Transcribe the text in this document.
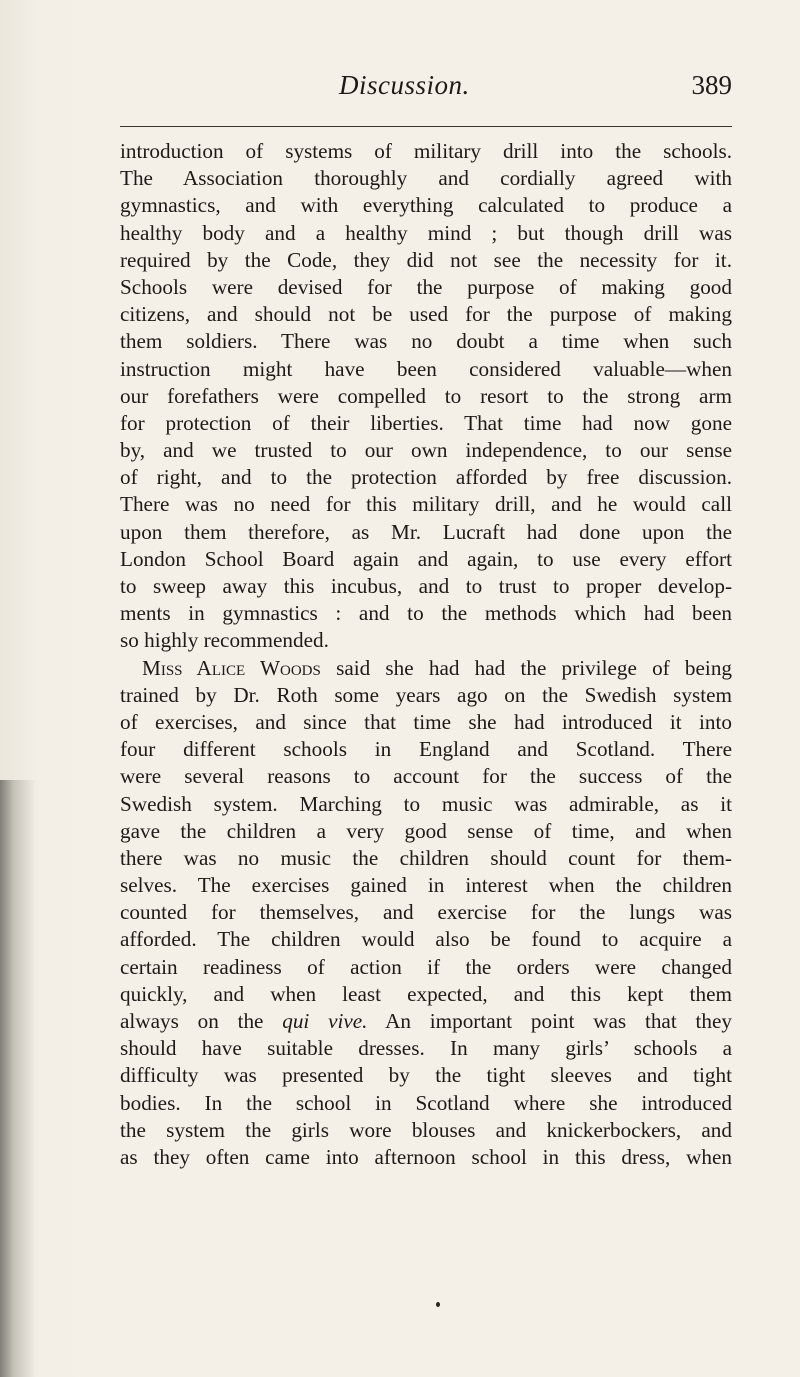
Discussion.	389
introduction of systems of military drill into the schools.
The Association thoroughly and cordially agreed with
gymnastics, and with everything calculated to produce a
healthy body and a healthy mind ; but though drill was
required by the Code, they did not see the necessity for it.
Schools were devised for the purpose of making good
citizens, and should not be used for the purpose of making
them soldiers. There was no doubt a time when such
instruction might have been considered valuable—when
our forefathers were compelled to resort to the strong arm
for protection of their liberties. That time had now gone
by, and we trusted to our own independence, to our sense
of right, and to the protection afforded by free discussion.
There was no need for this military drill, and he would call
upon them therefore, as Mr. Lucraft had done upon the
London School Board again and again, to use every effort
to sweep away this incubus, and to trust to proper develop-
ments in gymnastics : and to the methods which had been
so highly recommended.
Miss Alice Woods said she had had the privilege of being
trained by Dr. Roth some years ago on the Swedish system
of exercises, and since that time she had introduced it into
four different schools in England and Scotland. There
were several reasons to account for the success of the
Swedish system. Marching to music was admirable, as it
gave the children a very good sense of time, and when
there was no music the children should count for them-
selves. The exercises gained in interest when the children
counted for themselves, and exercise for the lungs was
afforded. The children would also be found to acquire a
certain readiness of action if the orders were changed
quickly, and when least expected, and this kept them
always on the qui vive. An important point was that they
should have suitable dresses. In many girls’ schools a
difficulty was presented by the tight sleeves and tight
bodies. In the school in Scotland where she introduced
the system the girls wore blouses and knickerbockers, and
as they often came into afternoon school in this dress, when
